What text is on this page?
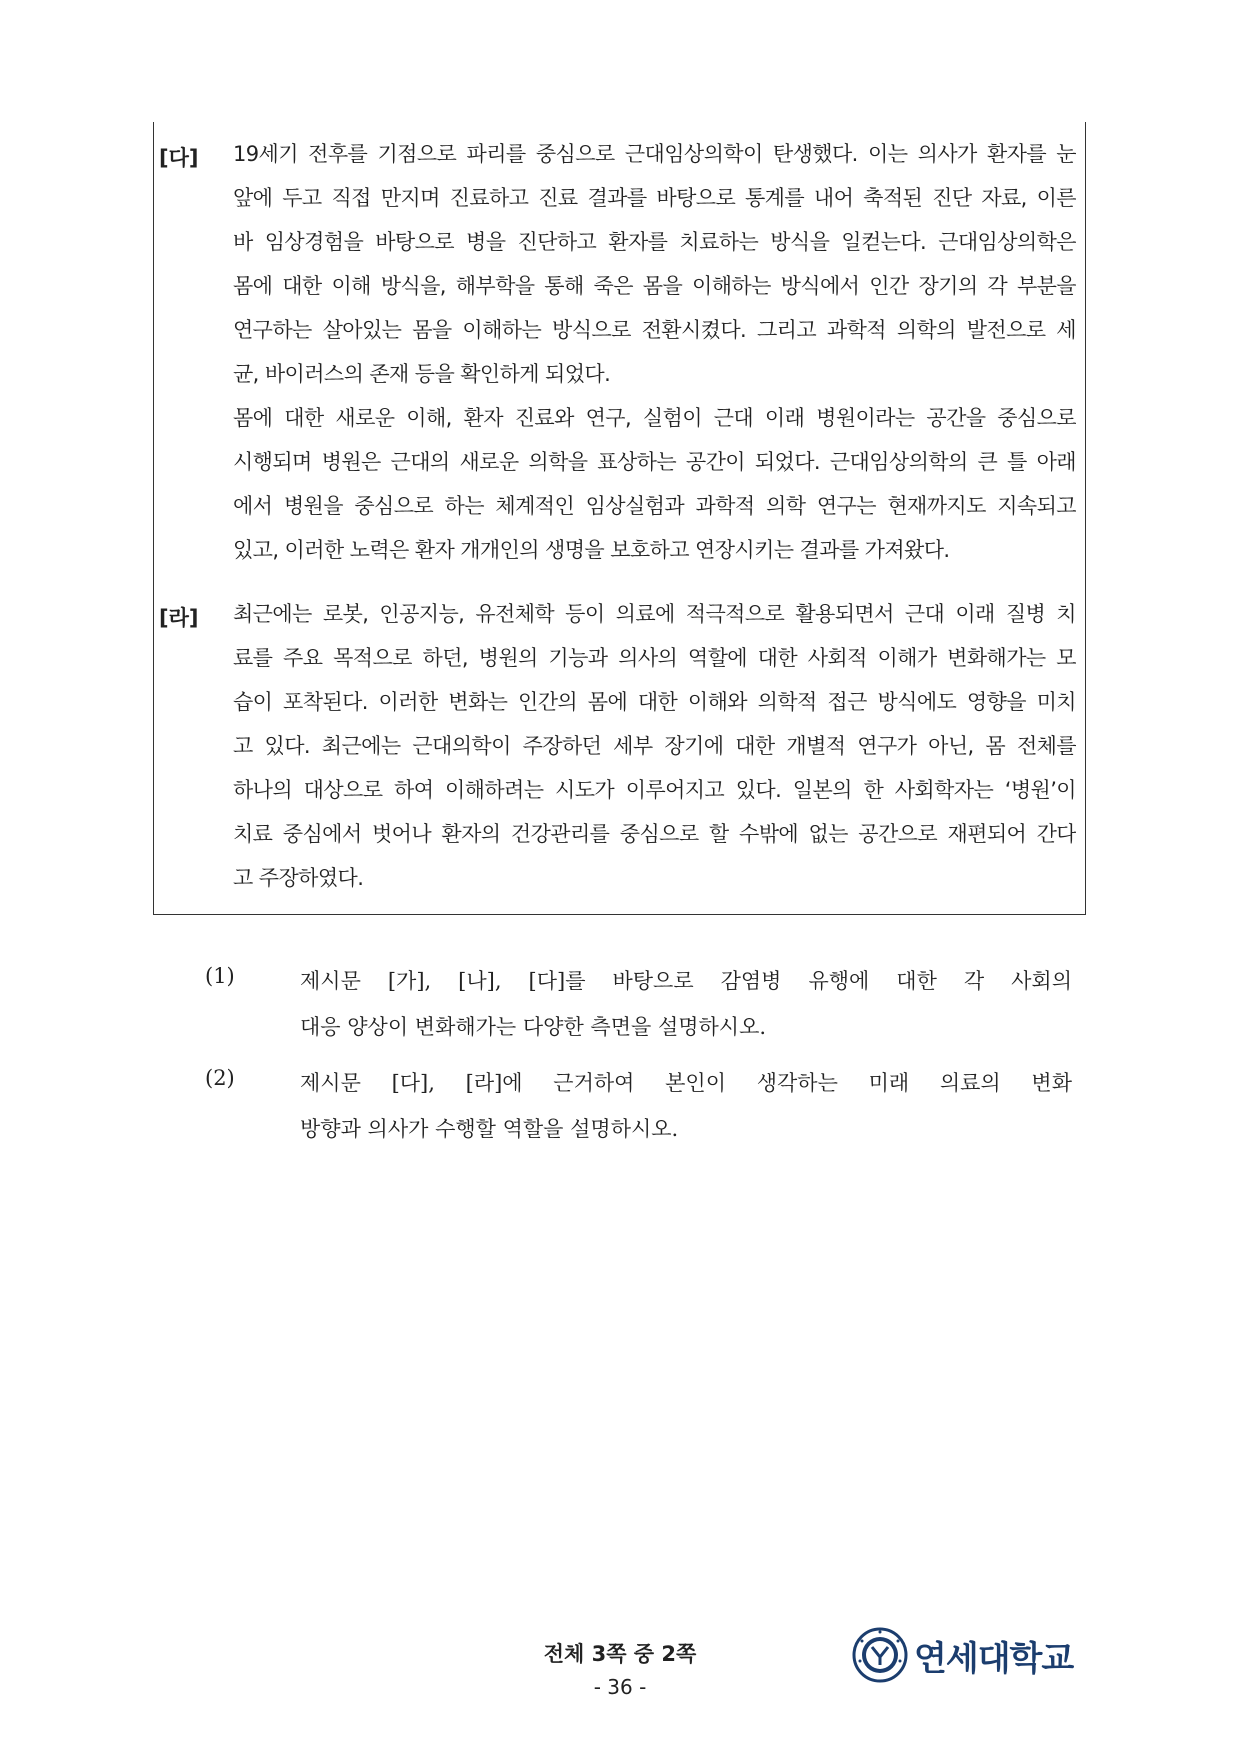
[다] 19세기 전후를 기점으로 파리를 중심으로 근대임상의학이 탄생했다. 이는 의사가 환자를 눈
앞에 두고 직접 만지며 진료하고 진료 결과를 바탕으로 통계를 내어 축적된 진단 자료, 이른
바 임상경험을 바탕으로 병을 진단하고 환자를 치료하는 방식을 일컫는다. 근대임상의학은
몸에 대한 이해 방식을, 해부학을 통해 죽은 몸을 이해하는 방식에서 인간 장기의 각 부분을
연구하는 살아있는 몸을 이해하는 방식으로 전환시켰다. 그리고 과학적 의학의 발전으로 세
균, 바이러스의 존재 등을 확인하게 되었다.
몸에 대한 새로운 이해, 환자 진료와 연구, 실험이 근대 이래 병원이라는 공간을 중심으로
시행되며 병원은 근대의 새로운 의학을 표상하는 공간이 되었다. 근대임상의학의 큰 틀 아래
에서 병원을 중심으로 하는 체계적인 임상실험과 과학적 의학 연구는 현재까지도 지속되고
있고, 이러한 노력은 환자 개개인의 생명을 보호하고 연장시키는 결과를 가져왔다.
[라] 최근에는 로봇, 인공지능, 유전체학 등이 의료에 적극적으로 활용되면서 근대 이래 질병 치
료를 주요 목적으로 하던, 병원의 기능과 의사의 역할에 대한 사회적 이해가 변화해가는 모
습이 포착된다. 이러한 변화는 인간의 몸에 대한 이해와 의학적 접근 방식에도 영향을 미치
고 있다. 최근에는 근대의학이 주장하던 세부 장기에 대한 개별적 연구가 아닌, 몸 전체를
하나의 대상으로 하여 이해하려는 시도가 이루어지고 있다. 일본의 한 사회학자는 ‘병원’이
치료 중심에서 벗어나 환자의 건강관리를 중심으로 할 수밖에 없는 공간으로 재편되어 간다
고 주장하였다.
(1)	제시문 [가], [나], [다]를 바탕으로 감염병 유행에 대한 각 사회의
대응 양상이 변화해가는 다양한 측면을 설명하시오.
(2)	제시문 [다], [라]에 근거하여 본인이 생각하는 미래 의료의 변화
방향과 의사가 수행할 역할을 설명하시오.
전체 3쪽 중 2쪽
- 36 -
연세대학교
